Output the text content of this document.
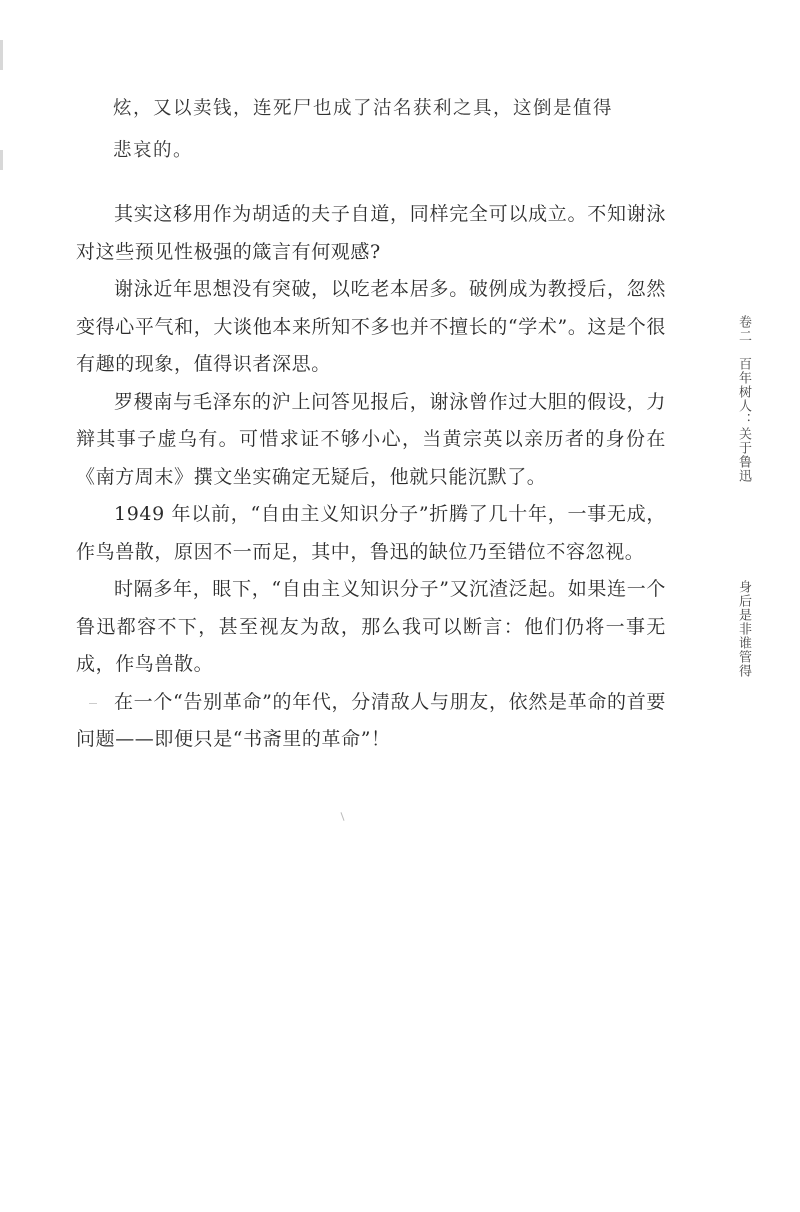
炫，又以卖钱，连死尸也成了沽名获利之具，这倒是值得
悲哀的。

其实这移用作为胡适的夫子自道，同样完全可以成立。不知谢泳对这些预见性极强的箴言有何观感?

谢泳近年思想没有突破，以吃老本居多。破例成为教授后，忽然变得心平气和，大谈他本来所知不多也并不擅长的“学术”。这是个很有趣的现象，值得识者深思。

罗稷南与毛泽东的沪上问答见报后，谢泳曾作过大胆的假设，力辩其事子虚乌有。可惜求证不够小心，当黄宗英以亲历者的身份在《南方周末》撰文坐实确定无疑后，他就只能沉默了。

1949 年以前，“自由主义知识分子”折腾了几十年，一事无成，作鸟兽散，原因不一而足，其中，鲁迅的缺位乃至错位不容忽视。

时隔多年，眼下，“自由主义知识分子”又沉渣泛起。如果连一个鲁迅都容不下，甚至视友为敌，那么我可以断言：他们仍将一事无成，作鸟兽散。

在一个“告别革命”的年代，分清敌人与朋友，依然是革命的首要问题——即便只是“书斋里的革命”！

卷二　百年树人：关于鲁迅
身后是非谁管得
